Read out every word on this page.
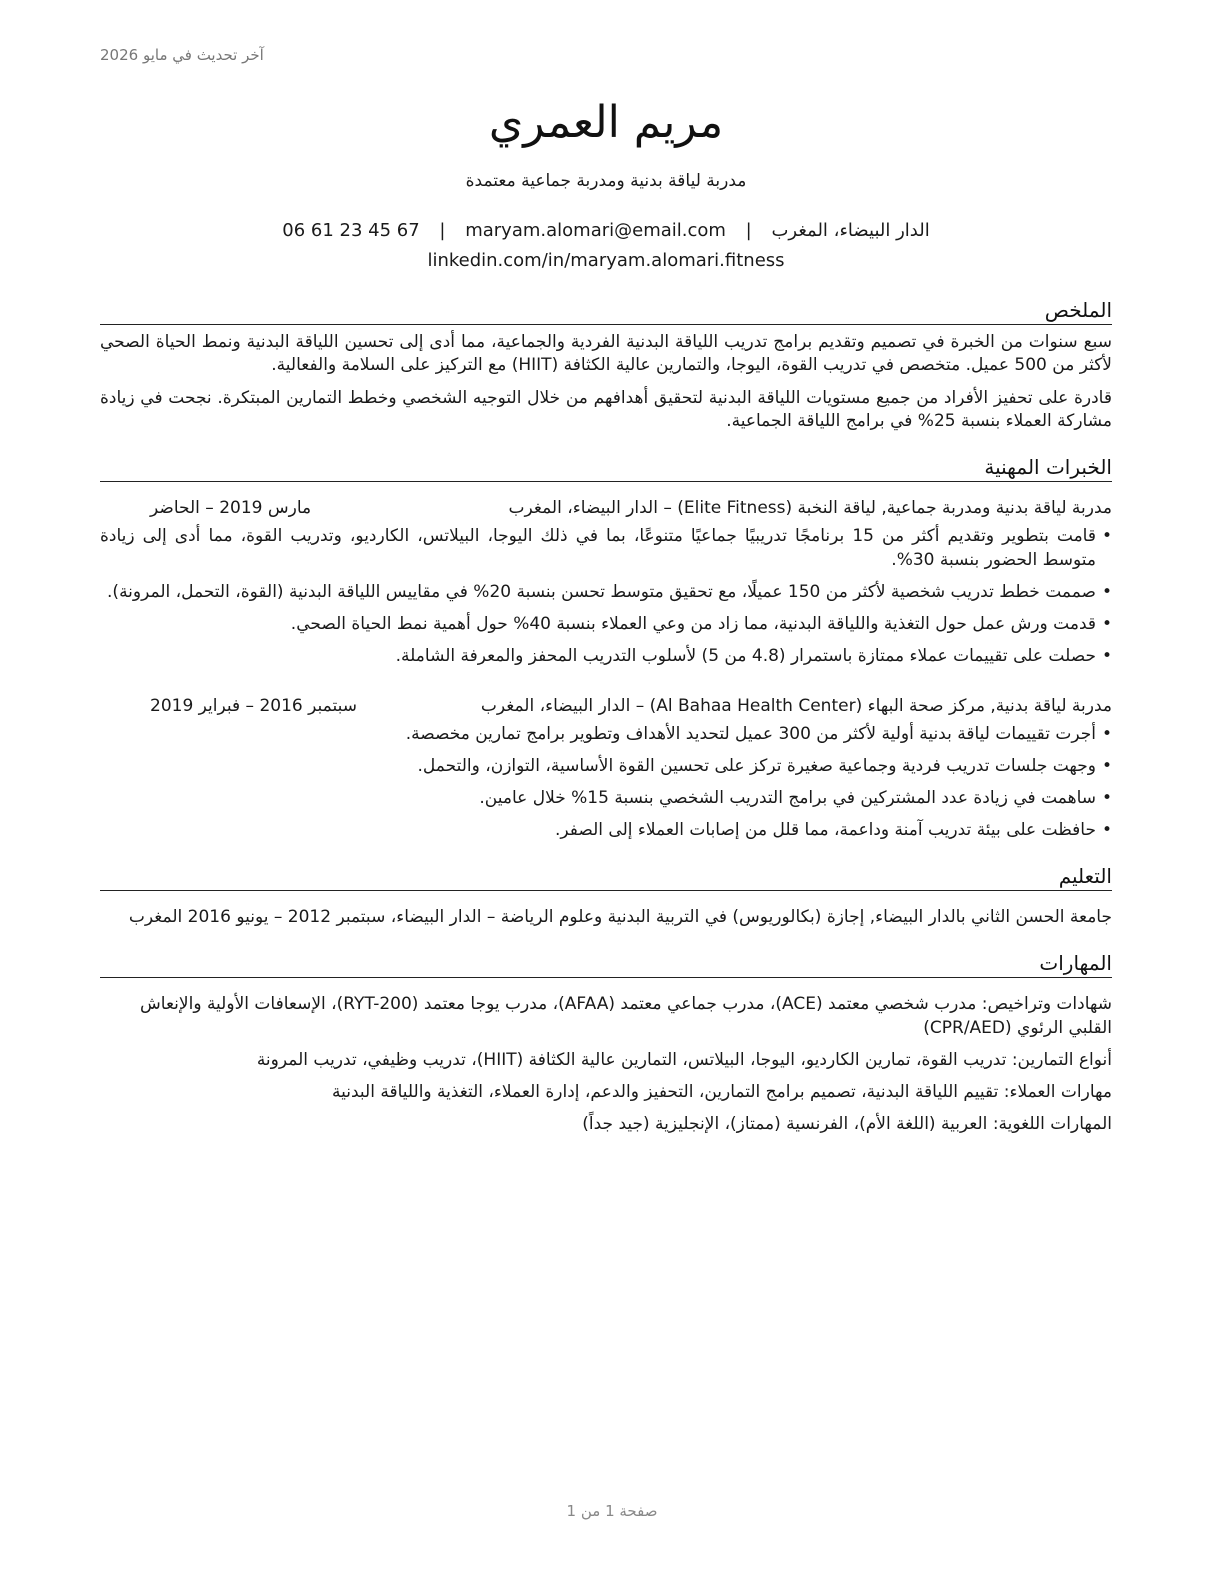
آخر تحديث في مايو 2026
مريم العمري
مدربة لياقة بدنية ومدربة جماعية معتمدة
الدار البيضاء، المغرب | maryam.alomari@email.com | 06 61 23 45 67
linkedin.com/in/maryam.alomari.fitness
الملخص
سبع سنوات من الخبرة في تصميم وتقديم برامج تدريب اللياقة البدنية الفردية والجماعية، مما أدى إلى تحسين اللياقة البدنية ونمط الحياة الصحي لأكثر من 500 عميل. متخصص في تدريب القوة، اليوجا، والتمارين عالية الكثافة (HIIT) مع التركيز على السلامة والفعالية.
قادرة على تحفيز الأفراد من جميع مستويات اللياقة البدنية لتحقيق أهدافهم من خلال التوجيه الشخصي وخطط التمارين المبتكرة. نجحت في زيادة مشاركة العملاء بنسبة 25% في برامج اللياقة الجماعية.
الخبرات المهنية
مدربة لياقة بدنية ومدربة جماعية, لياقة النخبة (Elite Fitness) – الدار البيضاء، المغرب
مارس 2019 – الحاضر
• قامت بتطوير وتقديم أكثر من 15 برنامجًا تدريبيًا جماعيًا متنوعًا، بما في ذلك اليوجا، البيلاتس، الكارديو، وتدريب القوة، مما أدى إلى زيادة متوسط الحضور بنسبة 30%.
• صممت خطط تدريب شخصية لأكثر من 150 عميلًا، مع تحقيق متوسط تحسن بنسبة 20% في مقاييس اللياقة البدنية (القوة، التحمل، المرونة).
• قدمت ورش عمل حول التغذية واللياقة البدنية، مما زاد من وعي العملاء بنسبة 40% حول أهمية نمط الحياة الصحي.
• حصلت على تقييمات عملاء ممتازة باستمرار (4.8 من 5) لأسلوب التدريب المحفز والمعرفة الشاملة.
مدربة لياقة بدنية, مركز صحة البهاء (Al Bahaa Health Center) – الدار البيضاء، المغرب
سبتمبر 2016 – فبراير 2019
• أجرت تقييمات لياقة بدنية أولية لأكثر من 300 عميل لتحديد الأهداف وتطوير برامج تمارين مخصصة.
• وجهت جلسات تدريب فردية وجماعية صغيرة تركز على تحسين القوة الأساسية، التوازن، والتحمل.
• ساهمت في زيادة عدد المشتركين في برامج التدريب الشخصي بنسبة 15% خلال عامين.
• حافظت على بيئة تدريب آمنة وداعمة، مما قلل من إصابات العملاء إلى الصفر.
التعليم
جامعة الحسن الثاني بالدار البيضاء, إجازة (بكالوريوس) في التربية البدنية وعلوم الرياضة – الدار البيضاء، سبتمبر 2012 – يونيو 2016 المغرب
المهارات
شهادات وتراخيص: مدرب شخصي معتمد (ACE)، مدرب جماعي معتمد (AFAA)، مدرب يوجا معتمد (RYT-200)، الإسعافات الأولية والإنعاش القلبي الرئوي (CPR/AED)
أنواع التمارين: تدريب القوة، تمارين الكارديو، اليوجا، البيلاتس، التمارين عالية الكثافة (HIIT)، تدريب وظيفي، تدريب المرونة
مهارات العملاء: تقييم اللياقة البدنية، تصميم برامج التمارين، التحفيز والدعم، إدارة العملاء، التغذية واللياقة البدنية
المهارات اللغوية: العربية (اللغة الأم)، الفرنسية (ممتاز)، الإنجليزية (جيد جداً)
صفحة 1 من 1
